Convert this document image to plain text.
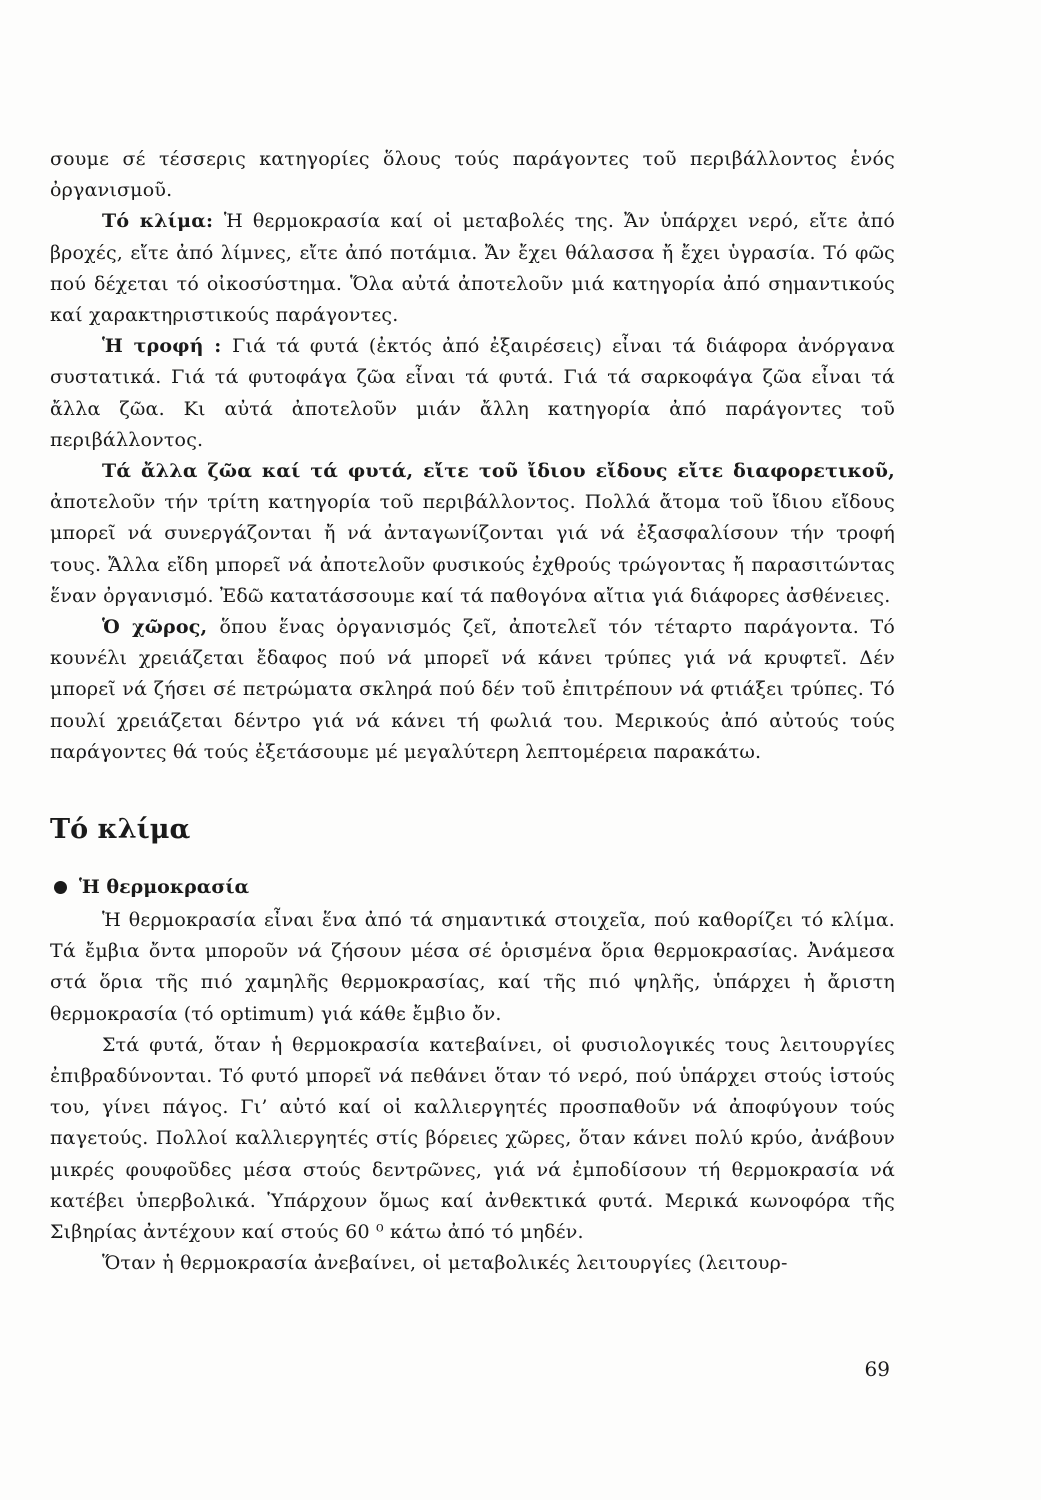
σουμε σέ τέσσερις κατηγορίες ὅλους τούς παράγοντες τοῦ περιβάλλοντος ἑνός ὀργανισμοῦ.

Τό κλίμα: Ἡ θερμοκρασία καί οἱ μεταβολές της. Ἄν ὑπάρχει νερό, εἴτε ἀπό βροχές, εἴτε ἀπό λίμνες, εἴτε ἀπό ποτάμια. Ἄν ἔχει θάλασσα ἤ ἔχει ὑγρασία. Τό φῶς πού δέχεται τό οἰκοσύστημα. Ὅλα αὐτά ἀποτελοῦν μιά κατηγορία ἀπό σημαντικούς καί χαρακτηριστικούς παράγοντες.

Ἡ τροφή : Γιά τά φυτά (ἐκτός ἀπό ἐξαιρέσεις) εἶναι τά διάφορα ἀνόργανα συστατικά. Γιά τά φυτοφάγα ζῶα εἶναι τά φυτά. Γιά τά σαρκοφάγα ζῶα εἶναι τά ἄλλα ζῶα. Κι αὐτά ἀποτελοῦν μιάν ἄλλη κατηγορία ἀπό παράγοντες τοῦ περιβάλλοντος.

Τά ἄλλα ζῶα καί τά φυτά, εἴτε τοῦ ἴδιου εἴδους εἴτε διαφορετικοῦ, ἀποτελοῦν τήν τρίτη κατηγορία τοῦ περιβάλλοντος. Πολλά ἄτομα τοῦ ἴδιου εἴδους μπορεῖ νά συνεργάζονται ἤ νά ἀνταγωνίζονται γιά νά ἐξασφαλίσουν τήν τροφή τους. Ἄλλα εἴδη μπορεῖ νά ἀποτελοῦν φυσικούς ἐχθρούς τρώγοντας ἤ παρασιτώντας ἕναν ὀργανισμό. Ἐδῶ κατατάσσουμε καί τά παθογόνα αἴτια γιά διάφορες ἀσθένειες.

Ὁ χῶρος, ὅπου ἕνας ὀργανισμός ζεῖ, ἀποτελεῖ τόν τέταρτο παράγοντα. Τό κουνέλι χρειάζεται ἔδαφος πού νά μπορεῖ νά κάνει τρύπες γιά νά κρυφτεῖ. Δέν μπορεῖ νά ζήσει σέ πετρώματα σκληρά πού δέν τοῦ ἐπιτρέπουν νά φτιάξει τρύπες. Τό πουλί χρειάζεται δέντρο γιά νά κάνει τή φωλιά του. Μερικούς ἀπό αὐτούς τούς παράγοντες θά τούς ἐξετάσουμε μέ μεγαλύτερη λεπτομέρεια παρακάτω.

Τό κλίμα
Ἡ θερμοκρασία

Ἡ θερμοκρασία εἶναι ἕνα ἀπό τά σημαντικά στοιχεῖα, πού καθορίζει τό κλίμα. Τά ἔμβια ὄντα μποροῦν νά ζήσουν μέσα σέ ὁρισμένα ὅρια θερμοκρασίας. Ἀνάμεσα στά ὅρια τῆς πιό χαμηλῆς θερμοκρασίας, καί τῆς πιό ψηλῆς, ὑπάρχει ἡ ἄριστη θερμοκρασία (τό optimum) γιά κάθε ἔμβιο ὄν.

Στά φυτά, ὅταν ἡ θερμοκρασία κατεβαίνει, οἱ φυσιολογικές τους λειτουργίες ἐπιβραδύνονται. Τό φυτό μπορεῖ νά πεθάνει ὅταν τό νερό, πού ὑπάρχει στούς ἱστούς του, γίνει πάγος. Γι’ αὐτό καί οἱ καλλιεργητές προσπαθοῦν νά ἀποφύγουν τούς παγετούς. Πολλοί καλλιεργητές στίς βόρειες χῶρες, ὅταν κάνει πολύ κρύο, ἀνάβουν μικρές φουφοῦδες μέσα στούς δεντρῶνες, γιά νά ἐμποδίσουν τή θερμοκρασία νά κατέβει ὑπερβολικά. Ὑπάρχουν ὅμως καί ἀνθεκτικά φυτά. Μερικά κωνοφόρα τῆς Σιβηρίας ἀντέχουν καί στούς 60 ⁰ κάτω ἀπό τό μηδέν.

Ὅταν ἡ θερμοκρασία ἀνεβαίνει, οἱ μεταβολικές λειτουργίες (λειτουρ-

69
